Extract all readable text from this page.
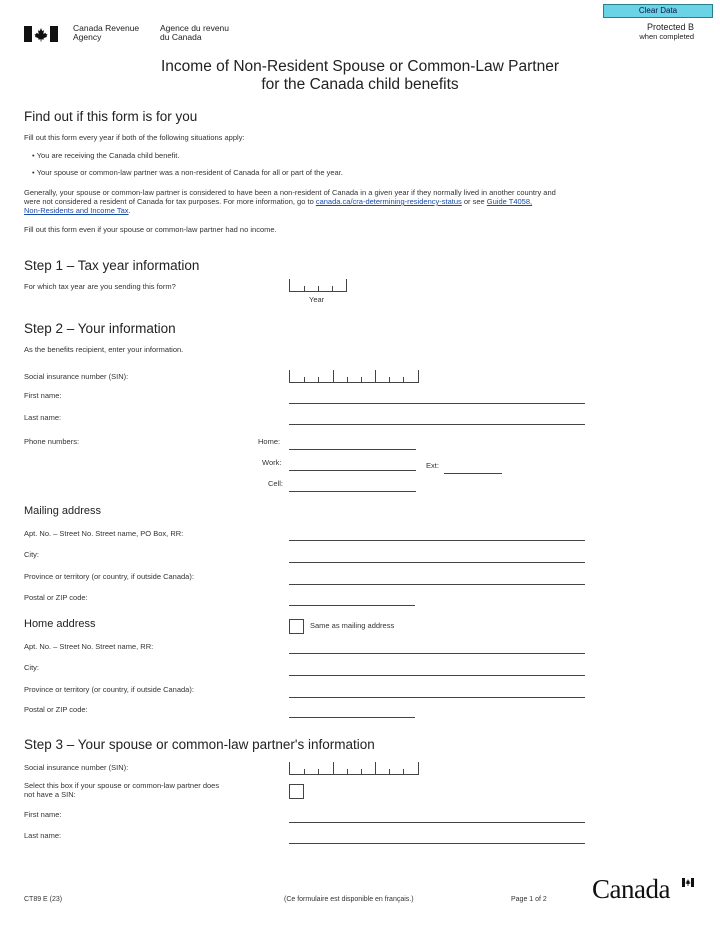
Clear Data
Canada Revenue
Agency
Agence du revenu
du Canada
Protected B
when completed
Income of Non-Resident Spouse or Common-Law Partner
for the Canada child benefits
Find out if this form is for you
Fill out this form every year if both of the following situations apply:
• You are receiving the Canada child benefit.
• Your spouse or common-law partner was a non-resident of Canada for all or part of the year.
Generally, your spouse or common-law partner is considered to have been a non-resident of Canada in a given year if they normally lived in another country and
were not considered a resident of Canada for tax purposes. For more information, go to canada.ca/cra-determining-residency-status or see Guide T4058,
Non-Residents and Income Tax.
Fill out this form even if your spouse or common-law partner had no income.
Step 1 – Tax year information
For which tax year are you sending this form?
Year
Step 2 – Your information
As the benefits recipient, enter your information.
Social insurance number (SIN):
First name:
Last name:
Phone numbers:	Home:
Work:	Ext:
Cell:
Mailing address
Apt. No. – Street No. Street name, PO Box, RR:
City:
Province or territory (or country, if outside Canada):
Postal or ZIP code:
Home address	Same as mailing address
Apt. No. – Street No. Street name, RR:
City:
Province or territory (or country, if outside Canada):
Postal or ZIP code:
Step 3 – Your spouse or common-law partner's information
Social insurance number (SIN):
Select this box if your spouse or common-law partner does
not have a SIN:
First name:
Last name:
CT89 E (23)	(Ce formulaire est disponible en français.)	Page 1 of 2 Canada
